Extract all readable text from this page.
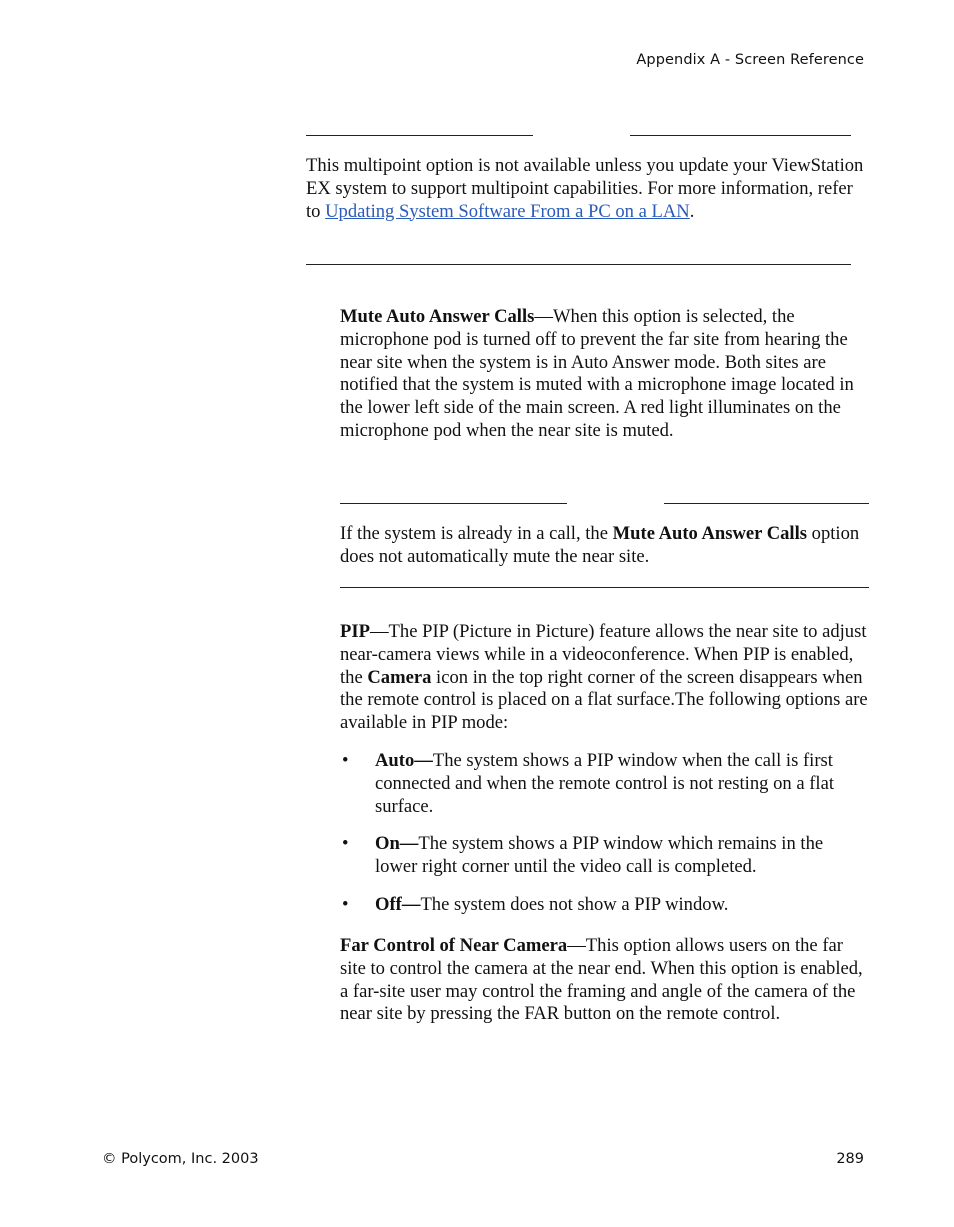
Appendix A - Screen Reference
This multipoint option is not available unless you update your ViewStation EX system to support multipoint capabilities. For more information, refer to Updating System Software From a PC on a LAN.
Mute Auto Answer Calls—When this option is selected, the microphone pod is turned off to prevent the far site from hearing the near site when the system is in Auto Answer mode. Both sites are notified that the system is muted with a microphone image located in the lower left side of the main screen. A red light illuminates on the microphone pod when the near site is muted.
If the system is already in a call, the Mute Auto Answer Calls option does not automatically mute the near site.
PIP—The PIP (Picture in Picture) feature allows the near site to adjust near-camera views while in a videoconference. When PIP is enabled, the Camera icon in the top right corner of the screen disappears when the remote control is placed on a flat surface.The following options are available in PIP mode:
• Auto—The system shows a PIP window when the call is first connected and when the remote control is not resting on a flat surface.
• On—The system shows a PIP window which remains in the lower right corner until the video call is completed.
• Off—The system does not show a PIP window.
Far Control of Near Camera—This option allows users on the far site to control the camera at the near end. When this option is enabled, a far-site user may control the framing and angle of the camera of the near site by pressing the FAR button on the remote control.
© Polycom, Inc. 2003	289
